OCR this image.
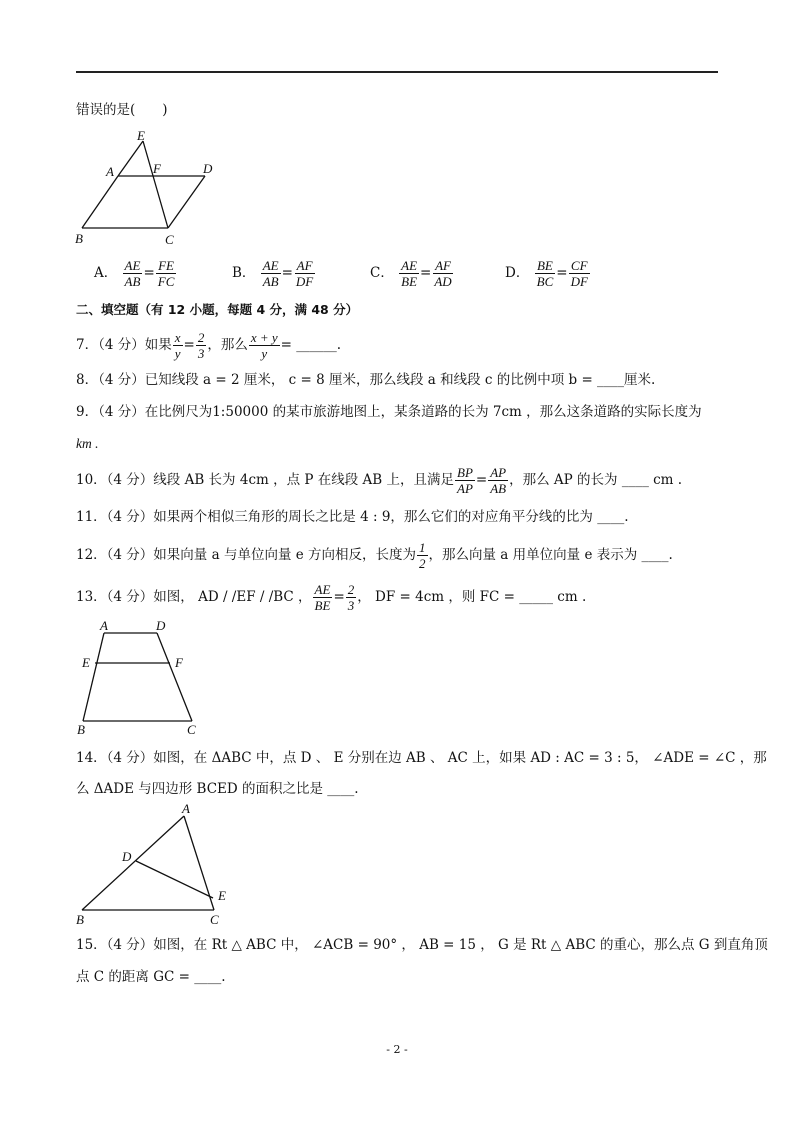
错误的是(　　)
E
A	F	D
B	C
A． $\frac{AE}{AB} = \frac{FE}{FC}$	B． $\frac{AE}{AB} = \frac{AF}{DF}$	C． $\frac{AE}{BE} = \frac{AF}{AD}$	D． $\frac{BE}{BC} = \frac{CF}{DF}$
二、填空题（有 12 小题，每题 4 分，满 48 分）
7．（4 分）如果 $\frac{x}{y} = \frac{2}{3}$ ，那么 $\frac{x + y}{y}$ = ______.
8．（4 分）已知线段 a = 2 厘米， c = 8 厘米，那么线段 a 和线段 c 的比例中项 b = ____厘米.
9．（4 分）在比例尺为1:50000 的某市旅游地图上，某条道路的长为 7cm ，那么这条道路的实际长度为
km .
10．（4 分）线段 AB 长为 4cm ，点 P 在线段 AB 上，且满足 $\frac{BP}{AP} = \frac{AP}{AB}$ ，那么 AP 的长为 ____ cm .
11．（4 分）如果两个相似三角形的周长之比是 4 : 9，那么它们的对应角平分线的比为 ____.
12．（4 分）如果向量 a 与单位向量 e 方向相反，长度为 $\frac{1}{2}$ ，那么向量 a 用单位向量 e 表示为 ____.
13．（4 分）如图， AD / /EF / /BC ， $\frac{AE}{BE} = \frac{2}{3}$ ， DF = 4cm ，则 FC = _____ cm .
A	D
E	F
B	C
14．（4 分）如图，在 ΔABC 中，点 D 、 E 分别在边 AB 、 AC 上，如果 AD : AC = 3 : 5， ∠ADE = ∠C ，那
么 ΔADE 与四边形 BCED 的面积之比是 ____.
A
D
E
B	C
15．（4 分）如图，在 Rt △ ABC 中， ∠ACB = 90° ， AB = 15 ， G 是 Rt △ ABC 的重心，那么点 G 到直角顶
点 C 的距离 GC = ____.
- 2 -
